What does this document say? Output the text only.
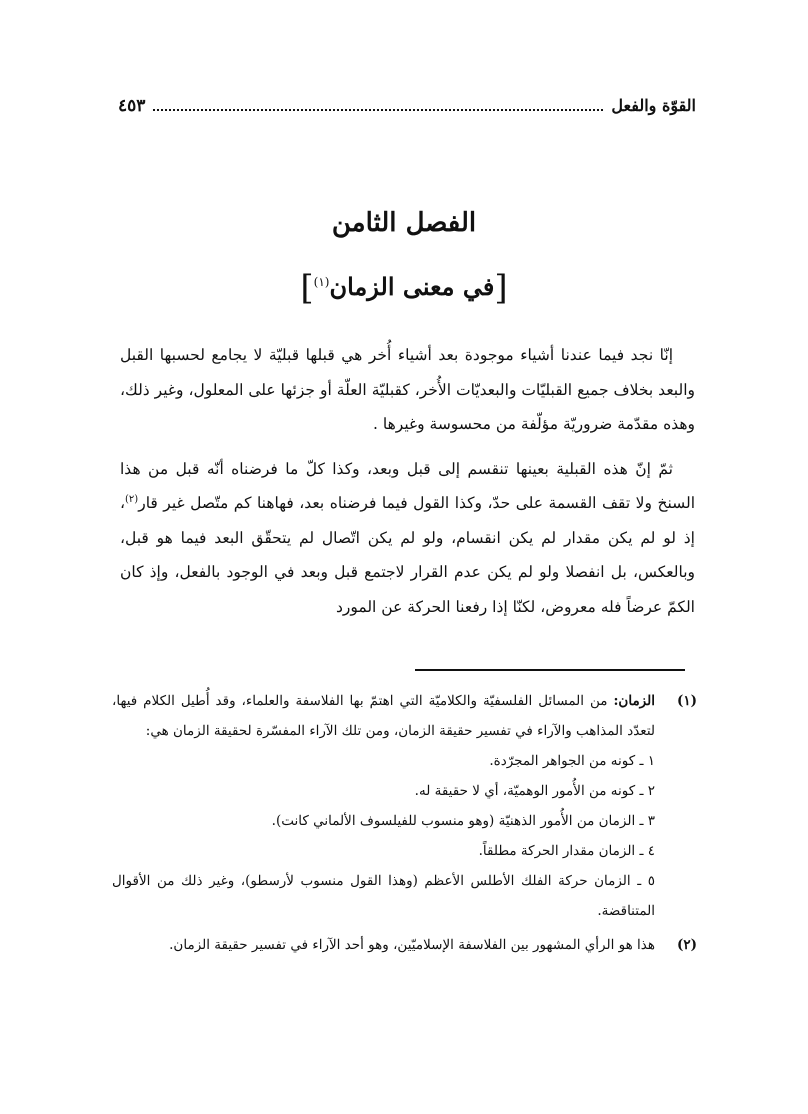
القوّة والفعل
٤٥٣
الفصل الثامن
[في معنى الزمان$^{(١)}$]

إنّا نجد فيما عندنا أشياء موجودة بعد أشياء أُخر هي قبلها قبليّة لا يجامع لحسبها القبل والبعد بخلاف جميع القبليّات والبعديّات الأُخر، كقبليّة العلّة أو جزئها على المعلول، وغير ذلك، وهذه مقدّمة ضروريّة مؤلّفة من محسوسة وغيرها .

ثمّ إنّ هذه القبلية بعينها تنقسم إلى قبل وبعد، وكذا كلّ ما فرضناه أنّه قبل من هذا السنخ ولا تقف القسمة على حدّ، وكذا القول فيما فرضناه بعد، فهاهنا كم متّصل غير قار$^{(٢)}$، إذ لو لم يكن مقدار لم يكن انقسام، ولو لم يكن اتّصال لم يتحقّق البعد فيما هو قبل، وبالعكس، بل انفصلا ولو لم يكن عدم القرار لاجتمع قبل وبعد في الوجود بالفعل، وإذ كان الكمّ عرضاً فله معروض، لكنّا إذا رفعنا الحركة عن المورد

(١)
الزمان: من المسائل الفلسفيّة والكلاميّة التي اهتمّ بها الفلاسفة والعلماء، وقد أُطيل الكلام فيها، لتعدّد المذاهب والآراء في تفسير حقيقة الزمان، ومن تلك الآراء المفسّرة لحقيقة الزمان هي:
١ ـ كونه من الجواهر المجرّدة.
٢ ـ كونه من الأُمور الوهميّة، أي لا حقيقة له.
٣ ـ الزمان من الأُمور الذهنيّة (وهو منسوب للفيلسوف الألماني كانت).
٤ ـ الزمان مقدار الحركة مطلقاً.
٥ ـ الزمان حركة الفلك الأطلس الأعظم (وهذا القول منسوب لأرسطو)، وغير ذلك من الأقوال المتناقضة.
(٢)
هذا هو الرأي المشهور بين الفلاسفة الإسلاميّين، وهو أحد الآراء في تفسير حقيقة الزمان.
